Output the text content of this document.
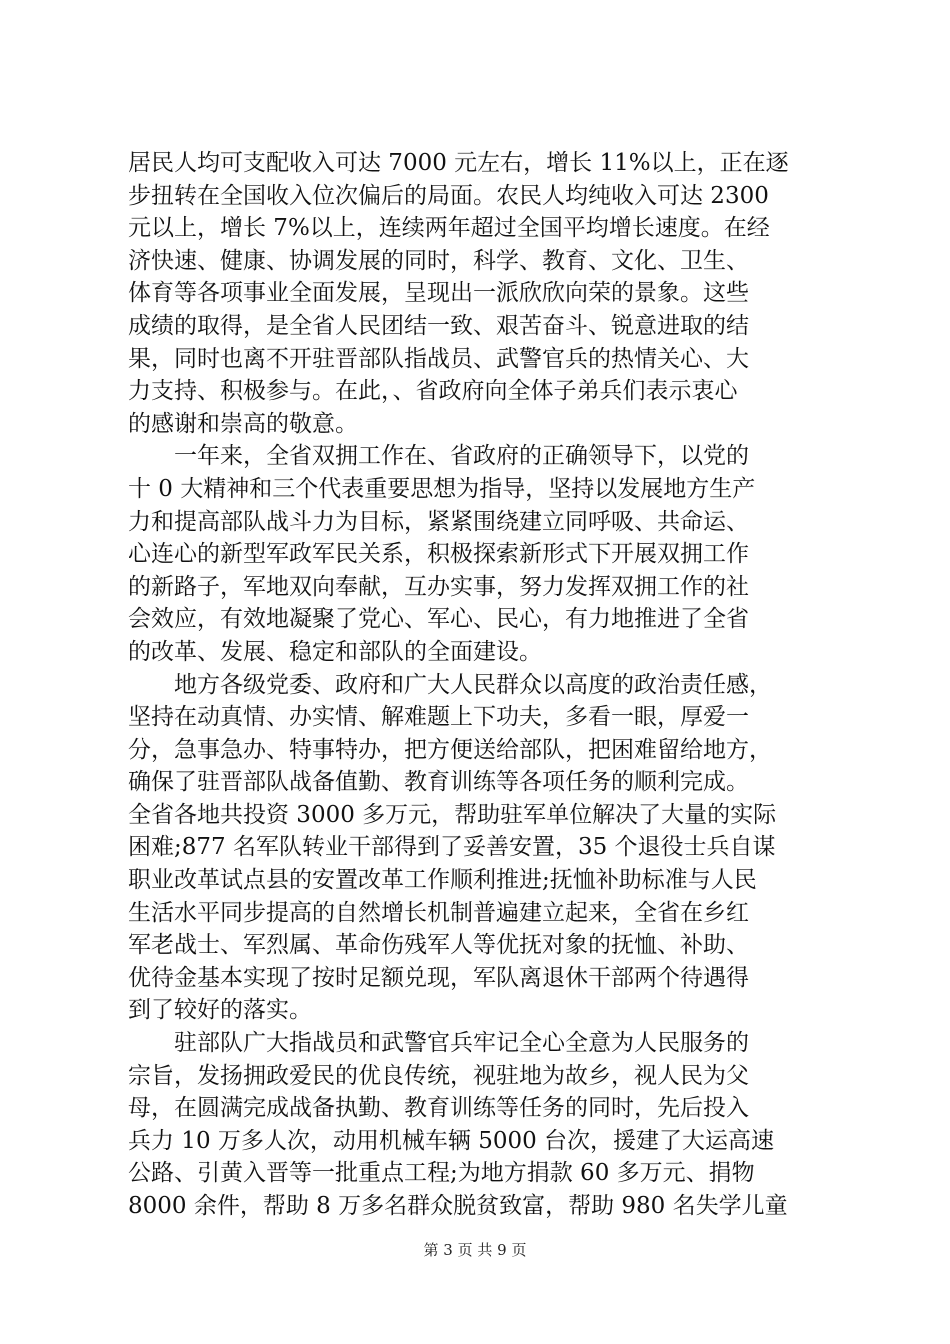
居民人均可支配收入可达 7000 元左右，增长 11%以上，正在逐
步扭转在全国收入位次偏后的局面。农民人均纯收入可达 2300
元以上，增长 7%以上，连续两年超过全国平均增长速度。在经
济快速、健康、协调发展的同时，科学、教育、文化、卫生、
体育等各项事业全面发展，呈现出一派欣欣向荣的景象。这些
成绩的取得，是全省人民团结一致、艰苦奋斗、锐意进取的结
果，同时也离不开驻晋部队指战员、武警官兵的热情关心、大
力支持、积极参与。在此，、省政府向全体子弟兵们表示衷心
的感谢和崇高的敬意。
　　一年来，全省双拥工作在、省政府的正确领导下，以党的
十 0 大精神和三个代表重要思想为指导，坚持以发展地方生产
力和提高部队战斗力为目标，紧紧围绕建立同呼吸、共命运、
心连心的新型军政军民关系，积极探索新形式下开展双拥工作
的新路子，军地双向奉献，互办实事，努力发挥双拥工作的社
会效应，有效地凝聚了党心、军心、民心，有力地推进了全省
的改革、发展、稳定和部队的全面建设。
　　地方各级党委、政府和广大人民群众以高度的政治责任感，
坚持在动真情、办实情、解难题上下功夫，多看一眼，厚爱一
分，急事急办、特事特办，把方便送给部队，把困难留给地方，
确保了驻晋部队战备值勤、教育训练等各项任务的顺利完成。
全省各地共投资 3000 多万元，帮助驻军单位解决了大量的实际
困难;877 名军队转业干部得到了妥善安置，35 个退役士兵自谋
职业改革试点县的安置改革工作顺利推进;抚恤补助标准与人民
生活水平同步提高的自然增长机制普遍建立起来，全省在乡红
军老战士、军烈属、革命伤残军人等优抚对象的抚恤、补助、
优待金基本实现了按时足额兑现，军队离退休干部两个待遇得
到了较好的落实。
　　驻部队广大指战员和武警官兵牢记全心全意为人民服务的
宗旨，发扬拥政爱民的优良传统，视驻地为故乡，视人民为父
母，在圆满完成战备执勤、教育训练等任务的同时，先后投入
兵力 10 万多人次，动用机械车辆 5000 台次，援建了大运高速
公路、引黄入晋等一批重点工程;为地方捐款 60 多万元、捐物
8000 余件，帮助 8 万多名群众脱贫致富，帮助 980 名失学儿童
第 3 页 共 9 页
